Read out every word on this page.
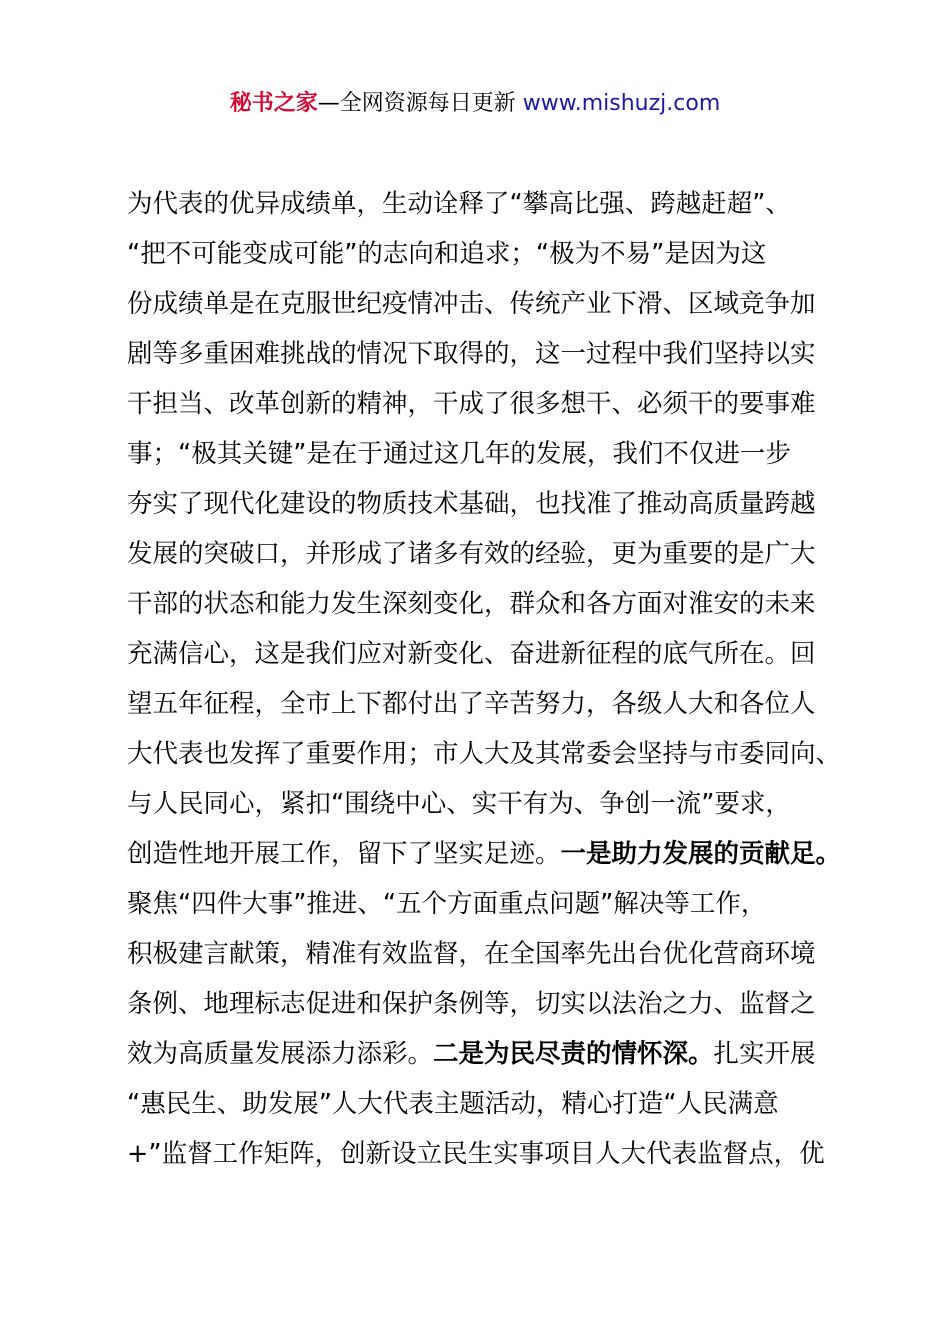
秘书之家—全网资源每日更新 www.mishuzj.com
为代表的优异成绩单，生动诠释了“攀高比强、跨越赶超”、
“把不可能变成可能”的志向和追求；“极为不易”是因为这
份成绩单是在克服世纪疫情冲击、传统产业下滑、区域竞争加
剧等多重困难挑战的情况下取得的，这一过程中我们坚持以实
干担当、改革创新的精神，干成了很多想干、必须干的要事难
事；“极其关键”是在于通过这几年的发展，我们不仅进一步
夯实了现代化建设的物质技术基础，也找准了推动高质量跨越
发展的突破口，并形成了诸多有效的经验，更为重要的是广大
干部的状态和能力发生深刻变化，群众和各方面对淮安的未来
充满信心，这是我们应对新变化、奋进新征程的底气所在。回
望五年征程，全市上下都付出了辛苦努力，各级人大和各位人
大代表也发挥了重要作用；市人大及其常委会坚持与市委同向、
与人民同心，紧扣“围绕中心、实干有为、争创一流”要求，
创造性地开展工作，留下了坚实足迹。一是助力发展的贡献足。
聚焦“四件大事”推进、“五个方面重点问题”解决等工作，
积极建言献策，精准有效监督，在全国率先出台优化营商环境
条例、地理标志促进和保护条例等，切实以法治之力、监督之
效为高质量发展添力添彩。二是为民尽责的情怀深。扎实开展
“惠民生、助发展”人大代表主题活动，精心打造“人民满意
+”监督工作矩阵，创新设立民生实事项目人大代表监督点，优
